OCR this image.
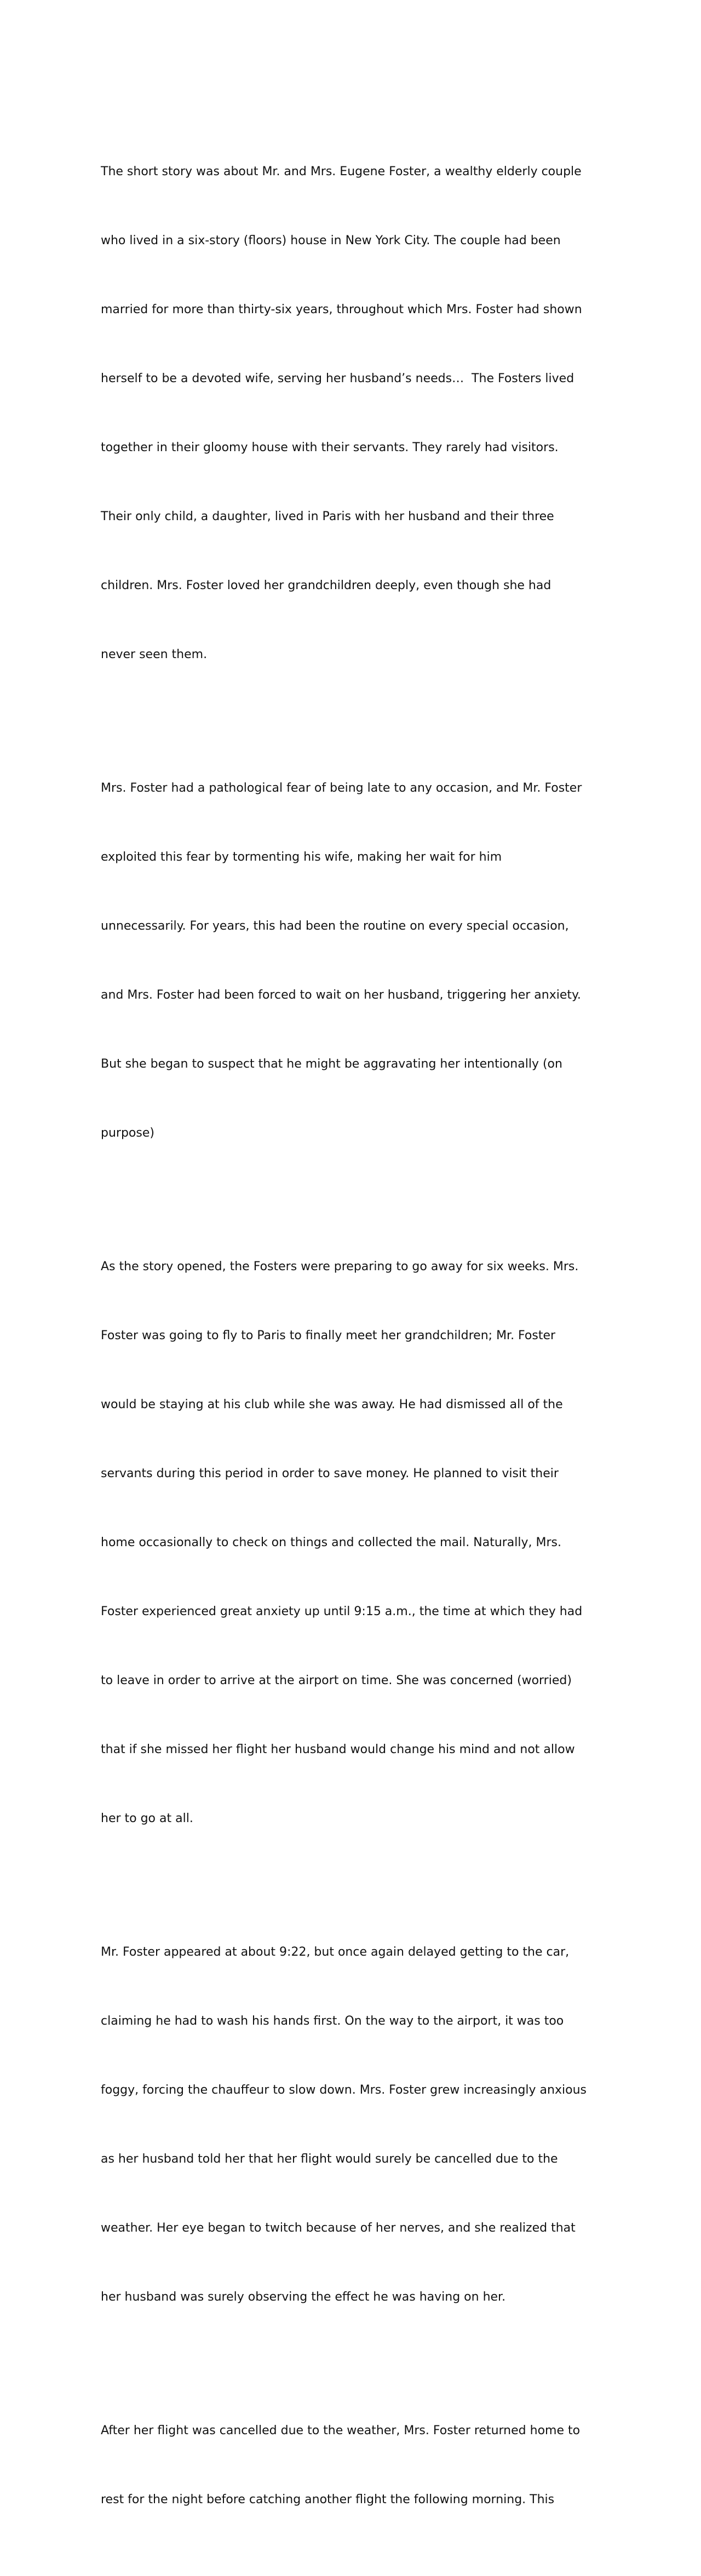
The short story was about Mr. and Mrs. Eugene Foster, a wealthy elderly couple

who lived in a six-story (floors) house in New York City. The couple had been

married for more than thirty-six years, throughout which Mrs. Foster had shown

herself to be a devoted wife, serving her husband’s needs…  The Fosters lived

together in their gloomy house with their servants. They rarely had visitors.

Their only child, a daughter, lived in Paris with her husband and their three

children. Mrs. Foster loved her grandchildren deeply, even though she had

never seen them.

Mrs. Foster had a pathological fear of being late to any occasion, and Mr. Foster

exploited this fear by tormenting his wife, making her wait for him

unnecessarily. For years, this had been the routine on every special occasion,

and Mrs. Foster had been forced to wait on her husband, triggering her anxiety.

But she began to suspect that he might be aggravating her intentionally (on

purpose)

As the story opened, the Fosters were preparing to go away for six weeks. Mrs.

Foster was going to fly to Paris to finally meet her grandchildren; Mr. Foster

would be staying at his club while she was away. He had dismissed all of the

servants during this period in order to save money. He planned to visit their

home occasionally to check on things and collected the mail. Naturally, Mrs.

Foster experienced great anxiety up until 9:15 a.m., the time at which they had

to leave in order to arrive at the airport on time. She was concerned (worried)

that if she missed her flight her husband would change his mind and not allow

her to go at all.

Mr. Foster appeared at about 9:22, but once again delayed getting to the car,

claiming he had to wash his hands first. On the way to the airport, it was too

foggy, forcing the chauffeur to slow down. Mrs. Foster grew increasingly anxious

as her husband told her that her flight would surely be cancelled due to the

weather. Her eye began to twitch because of her nerves, and she realized that

her husband was surely observing the effect he was having on her.

After her flight was cancelled due to the weather, Mrs. Foster returned home to

rest for the night before catching another flight the following morning. This
